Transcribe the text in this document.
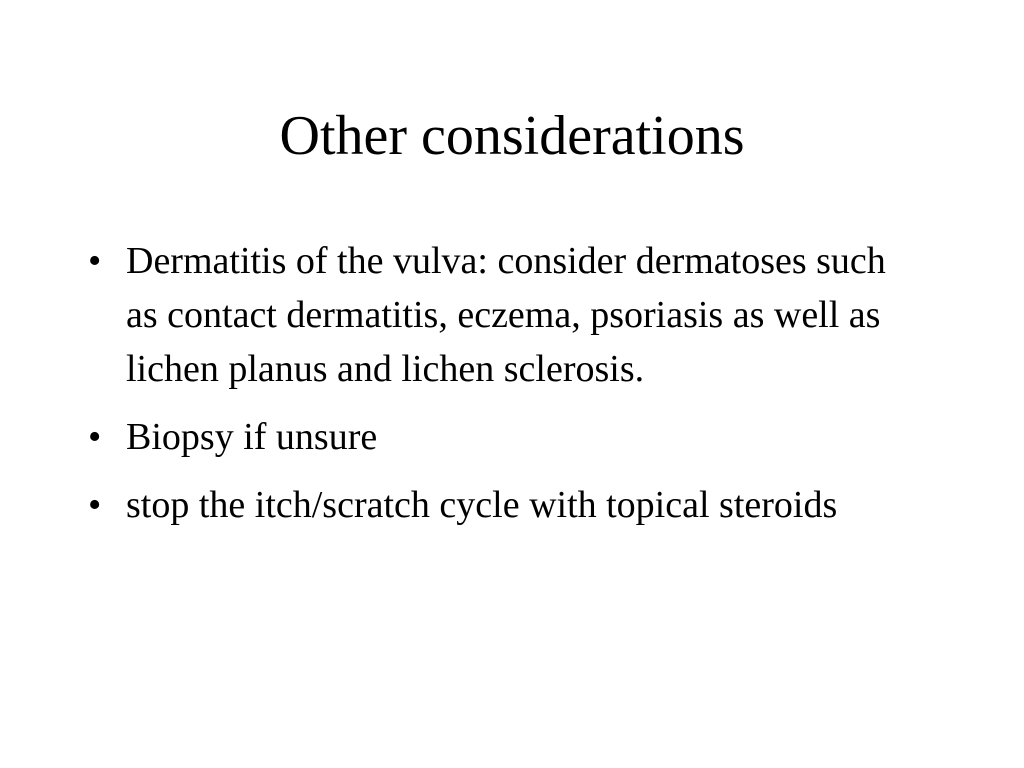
Other considerations
• Dermatitis of the vulva: consider dermatoses such as contact dermatitis, eczema, psoriasis as well as lichen planus and lichen sclerosis.
• Biopsy if unsure
• stop the itch/scratch cycle with topical steroids
